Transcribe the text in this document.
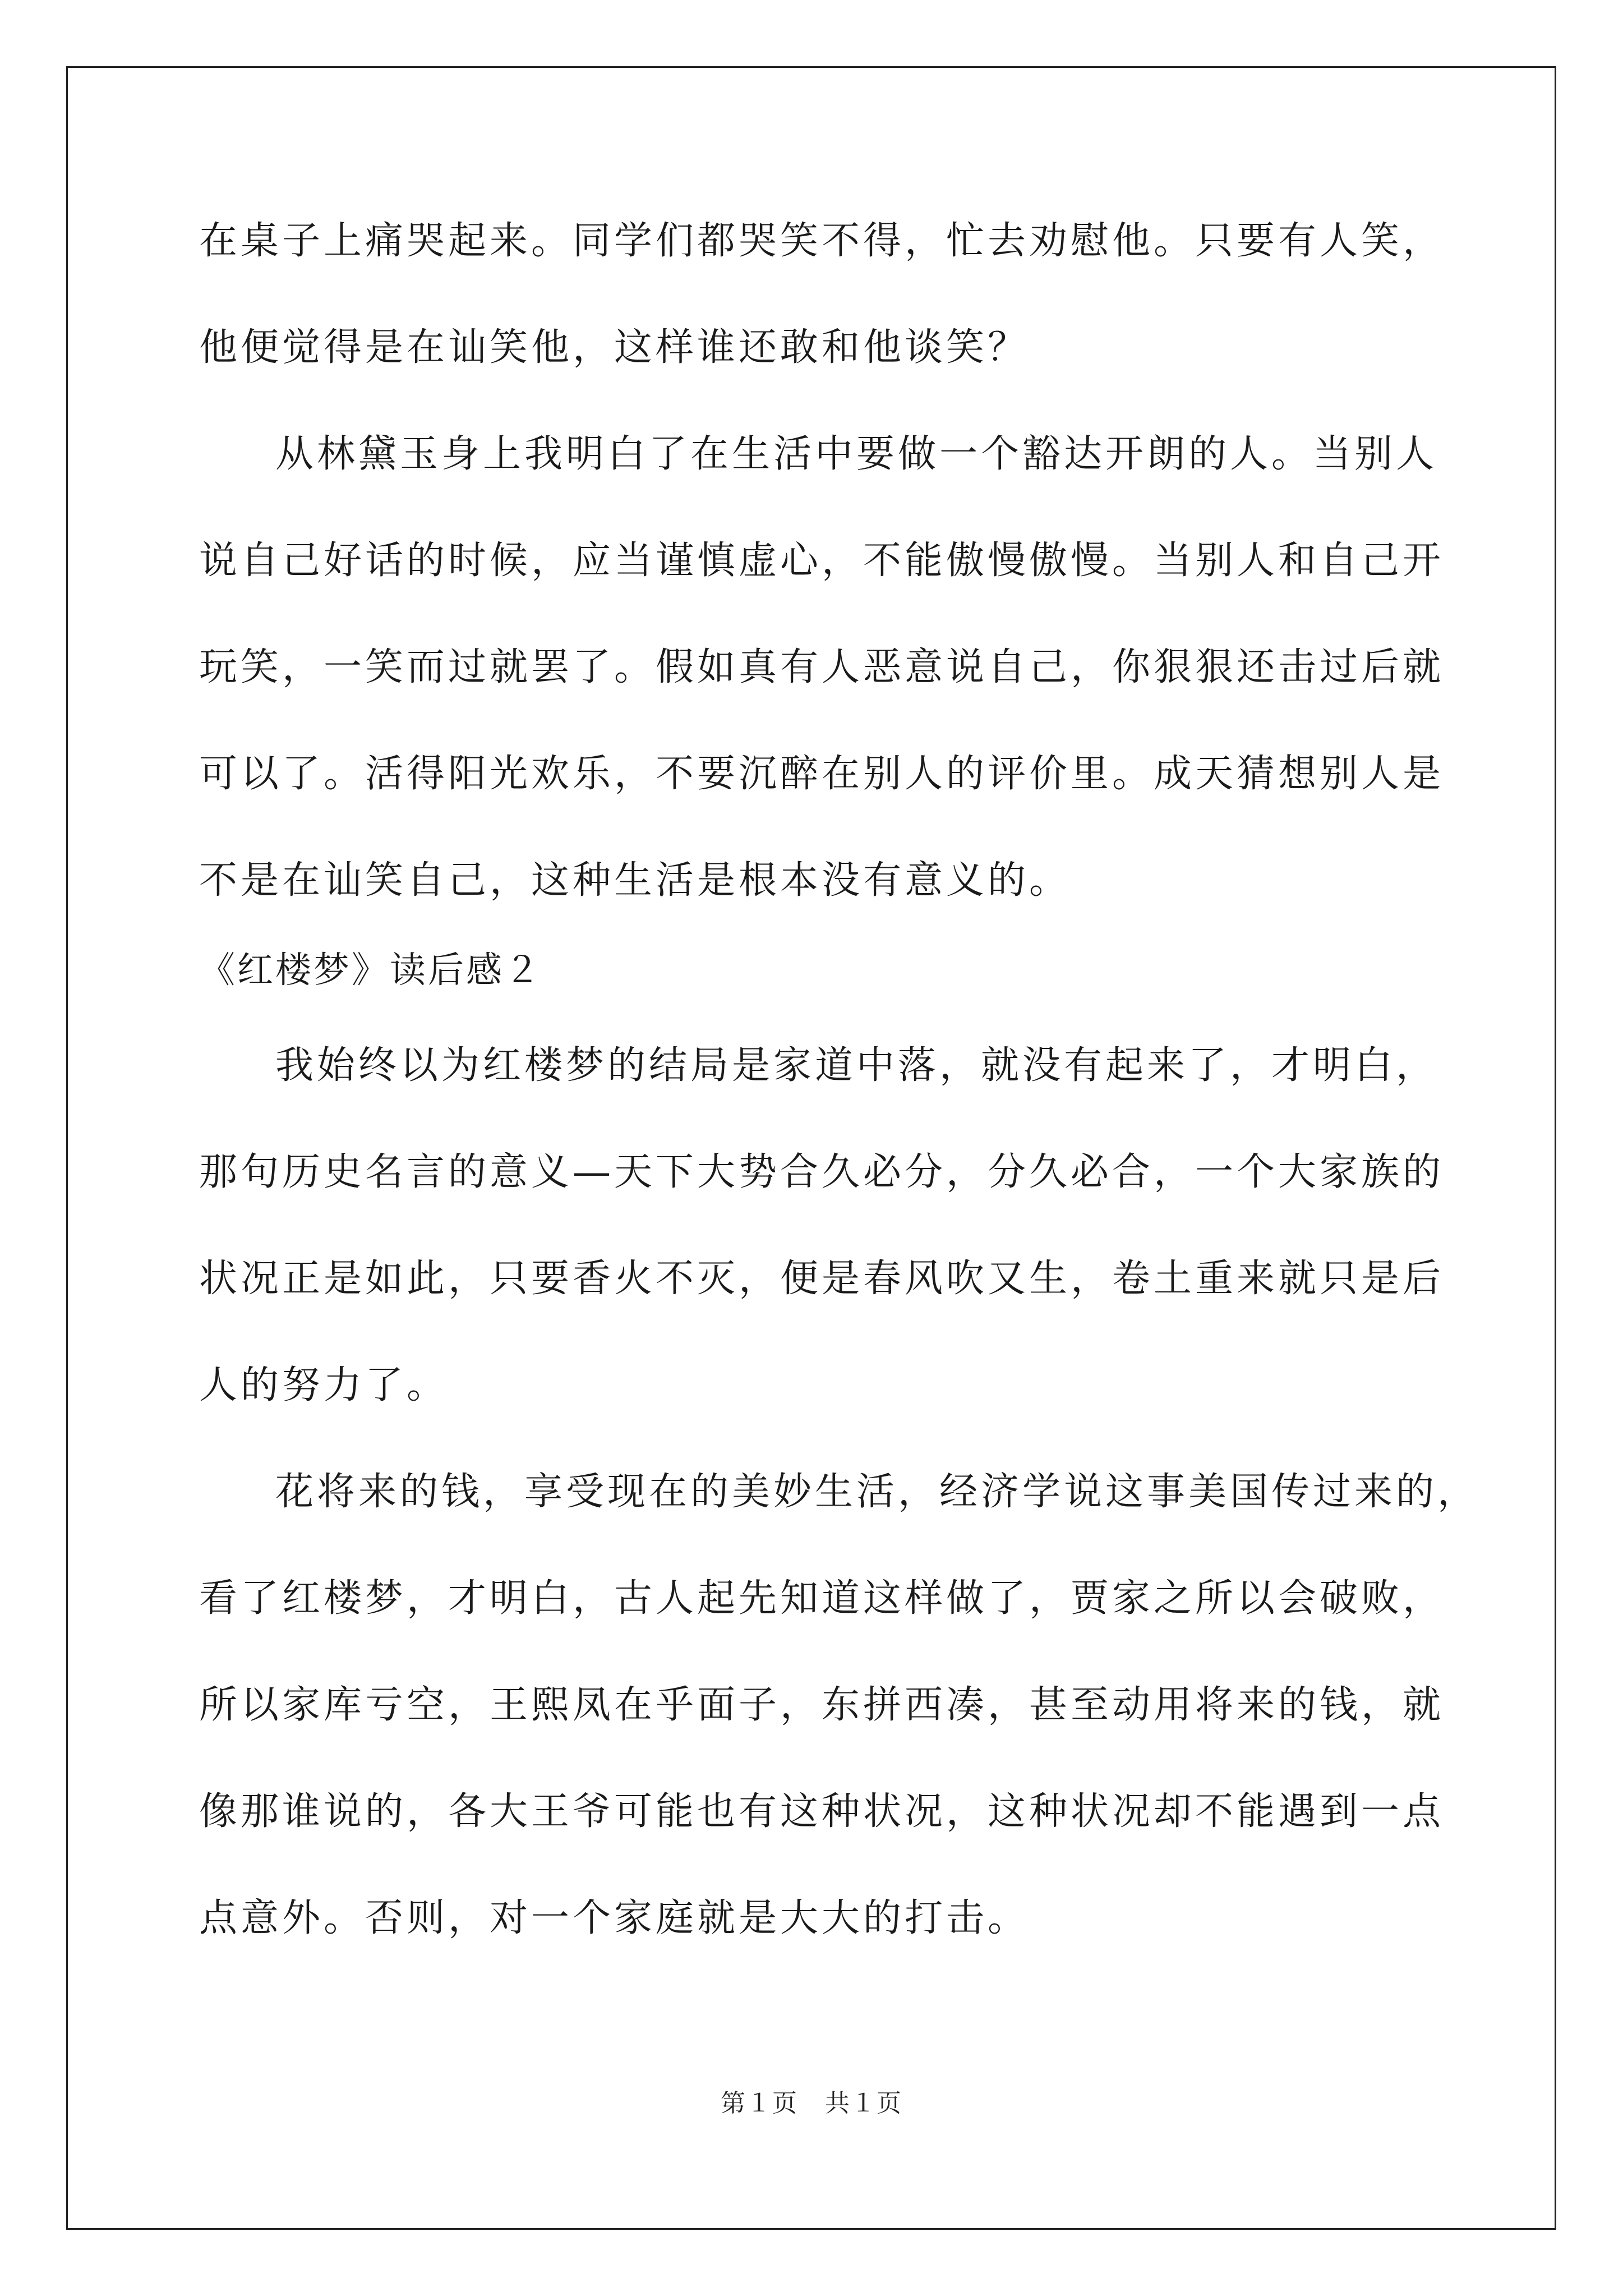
在桌子上痛哭起来。同学们都哭笑不得，忙去劝慰他。只要有人笑，
他便觉得是在讪笑他，这样谁还敢和他谈笑？
从林黛玉身上我明白了在生活中要做一个豁达开朗的人。当别人
说自己好话的时候，应当谨慎虚心，不能傲慢傲慢。当别人和自己开
玩笑，一笑而过就罢了。假如真有人恶意说自己，你狠狠还击过后就
可以了。活得阳光欢乐，不要沉醉在别人的评价里。成天猜想别人是
不是在讪笑自己，这种生活是根本没有意义的。
《红楼梦》读后感２
我始终以为红楼梦的结局是家道中落，就没有起来了，才明白，
那句历史名言的意义—天下大势合久必分，分久必合，一个大家族的
状况正是如此，只要香火不灭，便是春风吹又生，卷土重来就只是后
人的努力了。
花将来的钱，享受现在的美妙生活，经济学说这事美国传过来的，
看了红楼梦，才明白，古人起先知道这样做了，贾家之所以会破败，
所以家库亏空，王熙凤在乎面子，东拼西凑，甚至动用将来的钱，就
像那谁说的，各大王爷可能也有这种状况，这种状况却不能遇到一点
点意外。否则，对一个家庭就是大大的打击。
第１页 共１页
